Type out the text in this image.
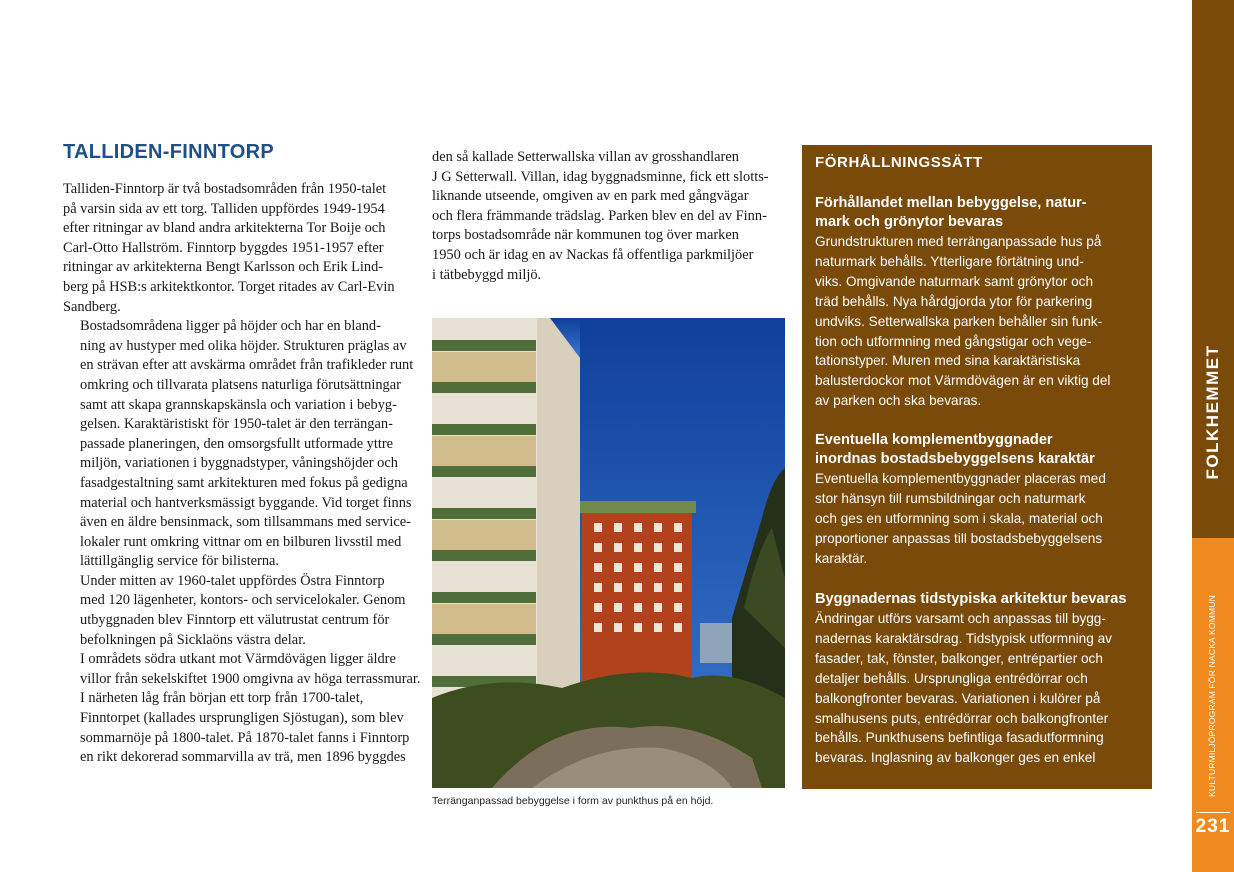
TALLIDEN-FINNTORP

Talliden-Finntorp är två bostadsområden från 1950-talet
på varsin sida av ett torg. Talliden uppfördes 1949-1954
efter ritningar av bland andra arkitekterna Tor Boije och
Carl-Otto Hallström. Finntorp byggdes 1951-1957 efter
ritningar av arkitekterna Bengt Karlsson och Erik Lind-
berg på HSB:s arkitektkontor. Torget ritades av Carl-Evin
Sandberg.

Bostadsområdena ligger på höjder och har en bland-
ning av hustyper med olika höjder. Strukturen präglas av
en strävan efter att avskärma området från trafikleder runt
omkring och tillvarata platsens naturliga förutsättningar
samt att skapa grannskapskänsla och variation i bebyg-
gelsen. Karaktäristiskt för 1950-talet är den terrängan-
passade planeringen, den omsorgsfullt utformade yttre
miljön, variationen i byggnadstyper, våningshöjder och
fasadgestaltning samt arkitekturen med fokus på gedigna
material och hantverksmässigt byggande. Vid torget finns
även en äldre bensinmack, som tillsammans med service-
lokaler runt omkring vittnar om en bilburen livsstil med
lättillgänglig service för bilisterna.

Under mitten av 1960-talet uppfördes Östra Finntorp
med 120 lägenheter, kontors- och servicelokaler. Genom
utbyggnaden blev Finntorp ett välutrustat centrum för
befolkningen på Sicklaöns västra delar.

I områdets södra utkant mot Värmdövägen ligger äldre
villor från sekelskiftet 1900 omgivna av höga terrassmurar.
I närheten låg från början ett torp från 1700-talet,
Finntorpet (kallades ursprungligen Sjöstugan), som blev
sommarnöje på 1800-talet. På 1870-talet fanns i Finntorp
en rikt dekorerad sommarvilla av trä, men 1896 byggdes

den så kallade Setterwallska villan av grosshandlaren
J G Setterwall. Villan, idag byggnadsminne, fick ett slotts-
liknande utseende, omgiven av en park med gångvägar
och flera främmande trädslag. Parken blev en del av Finn-
torps bostadsområde när kommunen tog över marken
1950 och är idag en av Nackas få offentliga parkmiljöer
i tätbebyggd miljö.

Terränganpassad bebyggelse i form av punkthus på en höjd.
FÖRHÅLLNINGSSÄTT
Förhållandet mellan bebyggelse, natur-
mark och grönytor bevaras
Grundstrukturen med terränganpassade hus på
naturmark behålls. Ytterligare förtätning und-
viks. Omgivande naturmark samt grönytor och
träd behålls. Nya hårdgjorda ytor för parkering
undviks. Setterwallska parken behåller sin funk-
tion och utformning med gångstigar och vege-
tationstyper. Muren med sina karaktäristiska
balusterdockor mot Värmdövägen är en viktig del
av parken och ska bevaras.
Eventuella komplementbyggnader
inordnas bostadsbebyggelsens karaktär
Eventuella komplementbyggnader placeras med
stor hänsyn till rumsbildningar och naturmark
och ges en utformning som i skala, material och
proportioner anpassas till bostadsbebyggelsens
karaktär.
Byggnadernas tidstypiska arkitektur bevaras
Ändringar utförs varsamt och anpassas till bygg-
nadernas karaktärsdrag. Tidstypisk utformning av
fasader, tak, fönster, balkonger, entrépartier och
detaljer behålls. Ursprungliga entrédörrar och
balkongfronter bevaras. Variationen i kulörer på
smalhusens puts, entrédörrar och balkongfronter
behålls. Punkthusens befintliga fasadutformning
bevaras. Inglasning av balkonger ges en enkel
FOLKHEMMET
KULTURMILJÖPROGRAM FÖR NACKA KOMMUN
231
